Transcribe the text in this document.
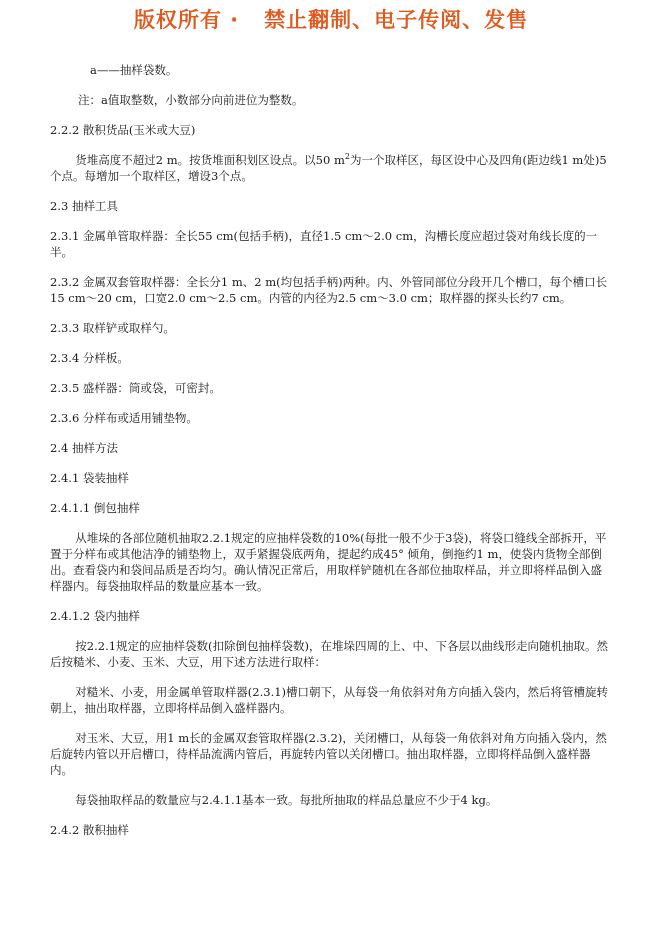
版权所有 ·   禁止翻制、电子传阅、发售

a——抽样袋数。

注：a值取整数，小数部分向前进位为整数。

2.2.2 散积货品(玉米或大豆)

货堆高度不超过2 m。按货堆面积划区设点。以50 $m^2$为一个取样区，每区设中心及四角(距边线1 m处)5个点。每增加一个取样区，增设3个点。

2.3 抽样工具

2.3.1 金属单管取样器：全长55 cm(包括手柄)，直径1.5 cm～2.0 cm，沟槽长度应超过袋对角线长度的一半。

2.3.2 金属双套管取样器：全长分1 m、2 m(均包括手柄)两种。内、外管同部位分段开几个槽口，每个槽口长15 cm～20 cm，口宽2.0 cm～2.5 cm。内管的内径为2.5 cm～3.0 cm；取样器的探头长约7 cm。

2.3.3 取样铲或取样勺。

2.3.4 分样板。

2.3.5 盛样器：筒或袋，可密封。

2.3.6 分样布或适用铺垫物。

2.4 抽样方法

2.4.1 袋装抽样

2.4.1.1 倒包抽样

从堆垛的各部位随机抽取2.2.1规定的应抽样袋数的10%(每批一般不少于3袋)，将袋口缝线全部拆开，平置于分样布或其他洁净的铺垫物上，双手紧握袋底两角，提起约成45° 倾角，倒拖约1 m，使袋内货物全部倒出。查看袋内和袋间品质是否均匀。确认情况正常后，用取样铲随机在各部位抽取样品，并立即将样品倒入盛样器内。每袋抽取样品的数量应基本一致。

2.4.1.2 袋内抽样

按2.2.1规定的应抽样袋数(扣除倒包抽样袋数)，在堆垛四周的上、中、下各层以曲线形走向随机抽取。然后按糙米、小麦、玉米、大豆，用下述方法进行取样：

对糙米、小麦，用金属单管取样器(2.3.1)槽口朝下，从每袋一角依斜对角方向插入袋内，然后将管槽旋转朝上，抽出取样器，立即将样品倒入盛样器内。

对玉米、大豆，用1 m长的金属双套管取样器(2.3.2)，关闭槽口，从每袋一角依斜对角方向插入袋内，然后旋转内管以开启槽口，待样品流满内管后，再旋转内管以关闭槽口。抽出取样器，立即将样品倒入盛样器内。

每袋抽取样品的数量应与2.4.1.1基本一致。每批所抽取的样品总量应不少于4 kg。

2.4.2 散积抽样
